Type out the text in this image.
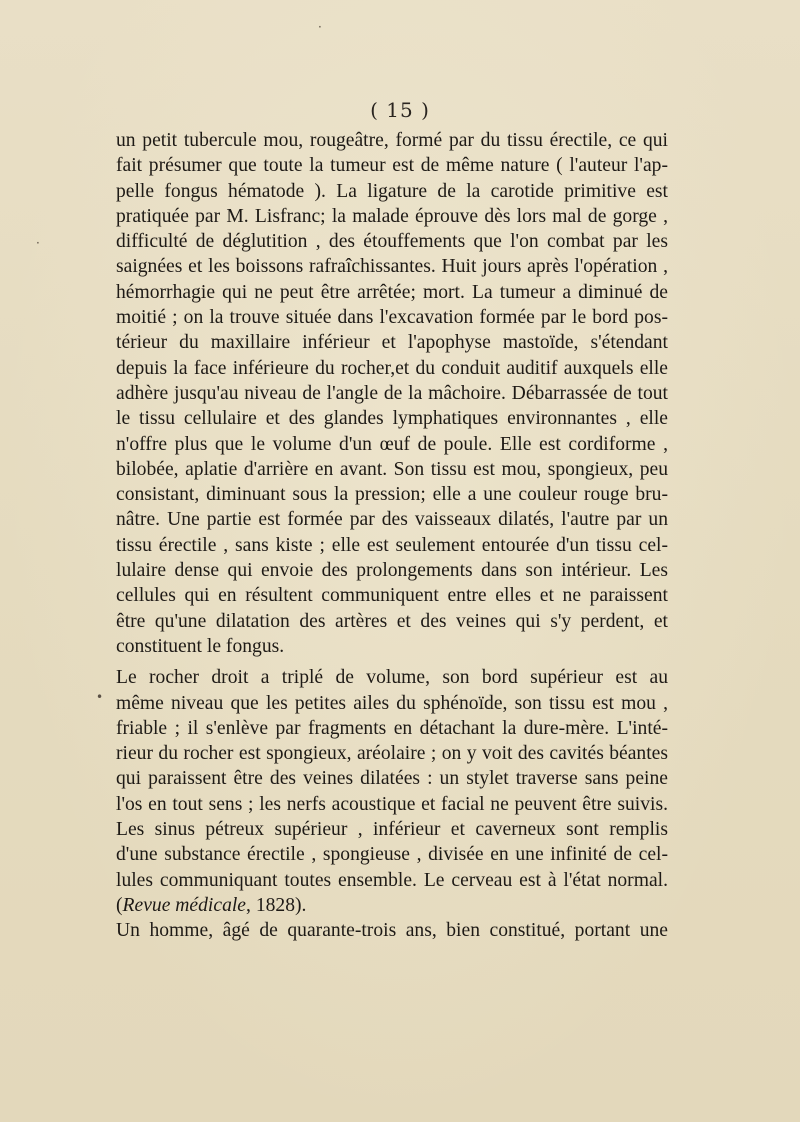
( 15 )
un petit tubercule mou, rougeâtre, formé par du tissu érectile, ce qui
fait présumer que toute la tumeur est de même nature ( l'auteur l'ap-
pelle fongus hématode ). La ligature de la carotide primitive est
pratiquée par M. Lisfranc; la malade éprouve dès lors mal de gorge ,
difficulté de déglutition , des étouffements que l'on combat par les
saignées et les boissons rafraîchissantes. Huit jours après l'opération ,
hémorrhagie qui ne peut être arrêtée; mort. La tumeur a diminué de
moitié ; on la trouve située dans l'excavation formée par le bord pos-
térieur du maxillaire inférieur et l'apophyse mastoïde, s'étendant
depuis la face inférieure du rocher,et du conduit auditif auxquels elle
adhère jusqu'au niveau de l'angle de la mâchoire. Débarrassée de tout
le tissu cellulaire et des glandes lymphatiques environnantes , elle
n'offre plus que le volume d'un œuf de poule. Elle est cordiforme ,
bilobée, aplatie d'arrière en avant. Son tissu est mou, spongieux, peu
consistant, diminuant sous la pression; elle a une couleur rouge bru-
nâtre. Une partie est formée par des vaisseaux dilatés, l'autre par un
tissu érectile , sans kiste ; elle est seulement entourée d'un tissu cel-
lulaire dense qui envoie des prolongements dans son intérieur. Les
cellules qui en résultent communiquent entre elles et ne paraissent
être qu'une dilatation des artères et des veines qui s'y perdent, et
constituent le fongus.
Le rocher droit a triplé de volume, son bord supérieur est au
même niveau que les petites ailes du sphénoïde, son tissu est mou ,
friable ; il s'enlève par fragments en détachant la dure-mère. L'inté-
rieur du rocher est spongieux, aréolaire ; on y voit des cavités béantes
qui paraissent être des veines dilatées : un stylet traverse sans peine
l'os en tout sens ; les nerfs acoustique et facial ne peuvent être suivis.
Les sinus pétreux supérieur , inférieur et caverneux sont remplis
d'une substance érectile , spongieuse , divisée en une infinité de cel-
lules communiquant toutes ensemble. Le cerveau est à l'état normal.
(Revue médicale, 1828).
Un homme, âgé de quarante-trois ans, bien constitué, portant une
•
·
·
